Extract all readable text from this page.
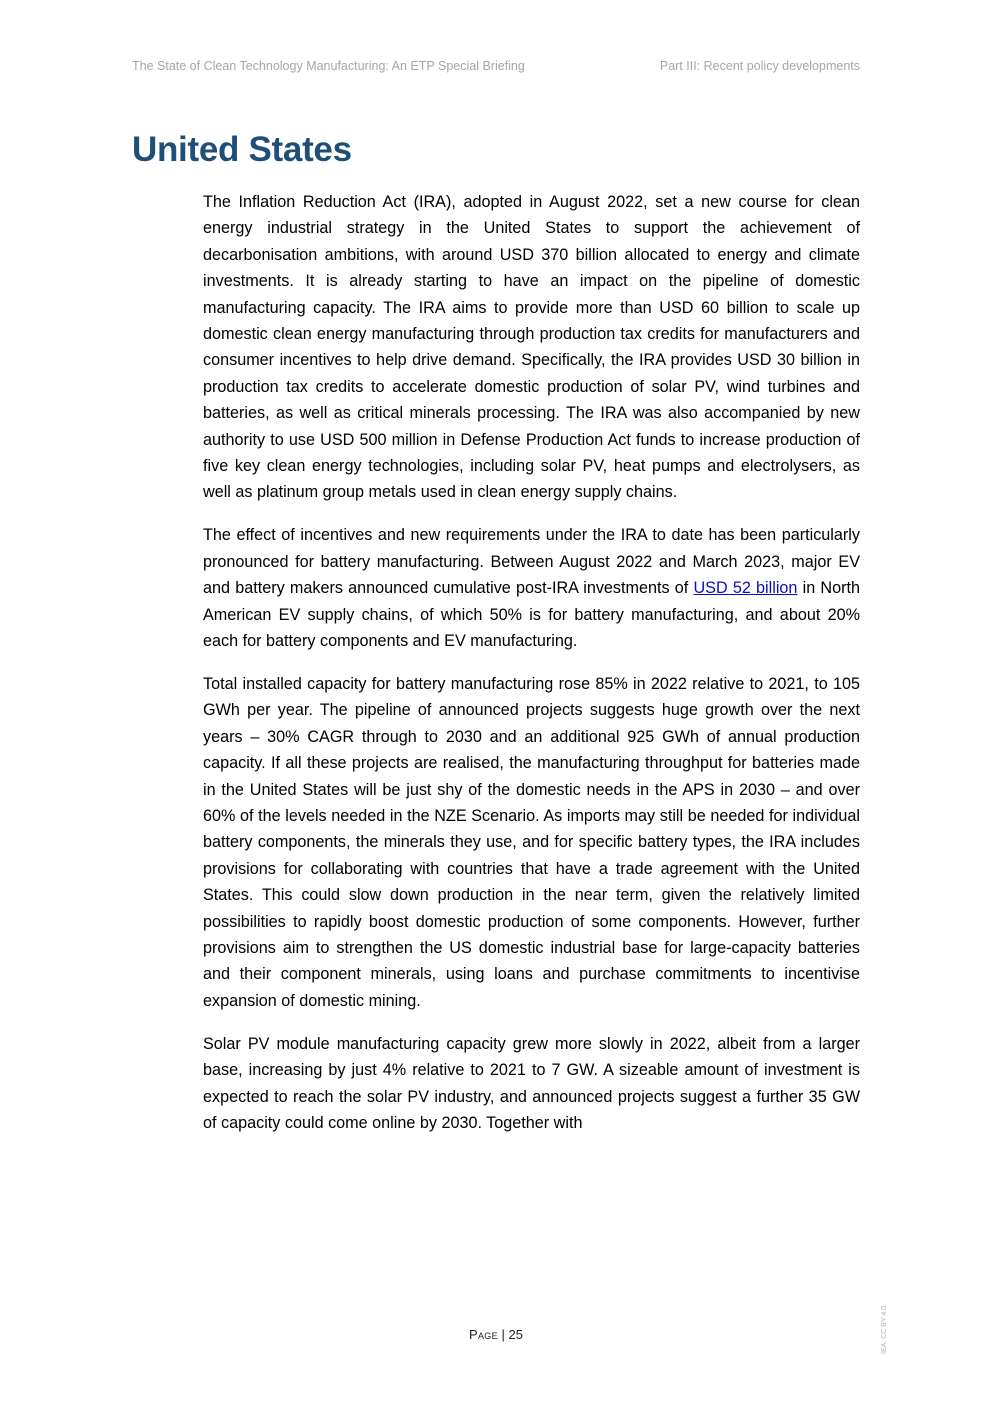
The State of Clean Technology Manufacturing: An ETP Special Briefing	Part III: Recent policy developments
United States

The Inflation Reduction Act (IRA), adopted in August 2022, set a new course for clean energy industrial strategy in the United States to support the achievement of decarbonisation ambitions, with around USD 370 billion allocated to energy and climate investments. It is already starting to have an impact on the pipeline of domestic manufacturing capacity. The IRA aims to provide more than USD 60 billion to scale up domestic clean energy manufacturing through production tax credits for manufacturers and consumer incentives to help drive demand. Specifically, the IRA provides USD 30 billion in production tax credits to accelerate domestic production of solar PV, wind turbines and batteries, as well as critical minerals processing. The IRA was also accompanied by new authority to use USD 500 million in Defense Production Act funds to increase production of five key clean energy technologies, including solar PV, heat pumps and electrolysers, as well as platinum group metals used in clean energy supply chains.

The effect of incentives and new requirements under the IRA to date has been particularly pronounced for battery manufacturing. Between August 2022 and March 2023, major EV and battery makers announced cumulative post-IRA investments of USD 52 billion in North American EV supply chains, of which 50% is for battery manufacturing, and about 20% each for battery components and EV manufacturing.

Total installed capacity for battery manufacturing rose 85% in 2022 relative to 2021, to 105 GWh per year. The pipeline of announced projects suggests huge growth over the next years – 30% CAGR through to 2030 and an additional 925 GWh of annual production capacity. If all these projects are realised, the manufacturing throughput for batteries made in the United States will be just shy of the domestic needs in the APS in 2030 – and over 60% of the levels needed in the NZE Scenario. As imports may still be needed for individual battery components, the minerals they use, and for specific battery types, the IRA includes provisions for collaborating with countries that have a trade agreement with the United States. This could slow down production in the near term, given the relatively limited possibilities to rapidly boost domestic production of some components. However, further provisions aim to strengthen the US domestic industrial base for large-capacity batteries and their component minerals, using loans and purchase commitments to incentivise expansion of domestic mining.

Solar PV module manufacturing capacity grew more slowly in 2022, albeit from a larger base, increasing by just 4% relative to 2021 to 7 GW. A sizeable amount of investment is expected to reach the solar PV industry, and announced projects suggest a further 35 GW of capacity could come online by 2030. Together with

Page | 25	IEA. CC BY 4.0.
